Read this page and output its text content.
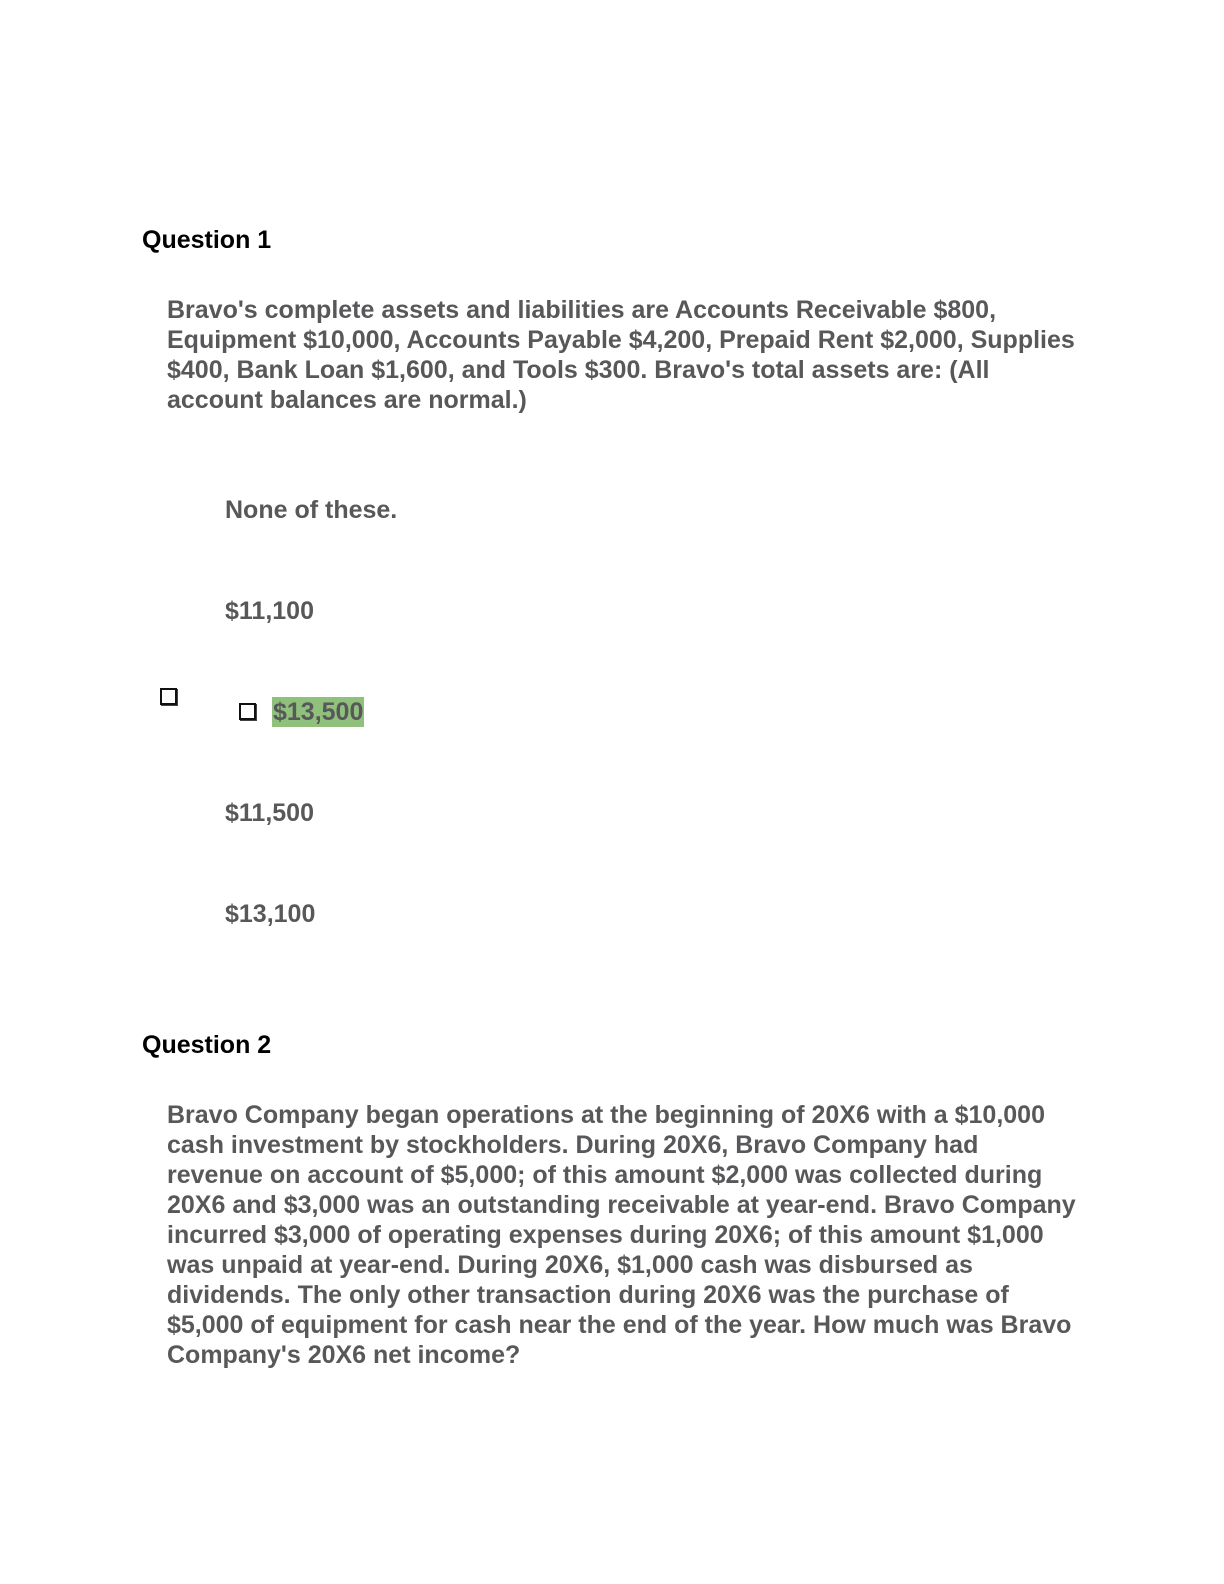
Question 1

Bravo's complete assets and liabilities are Accounts Receivable $800, Equipment $10,000, Accounts Payable $4,200, Prepaid Rent $2,000, Supplies $400, Bank Loan $1,600, and Tools $300. Bravo's total assets are: (All account balances are normal.)

None of these.
$11,100
$13,500
$11,500
$13,100
Question 2

Bravo Company began operations at the beginning of 20X6 with a $10,000 cash investment by stockholders. During 20X6, Bravo Company had revenue on account of $5,000; of this amount $2,000 was collected during 20X6 and $3,000 was an outstanding receivable at year-end. Bravo Company incurred $3,000 of operating expenses during 20X6; of this amount $1,000 was unpaid at year-end. During 20X6, $1,000 cash was disbursed as dividends. The only other transaction during 20X6 was the purchase of $5,000 of equipment for cash near the end of the year. How much was Bravo Company's 20X6 net income?
